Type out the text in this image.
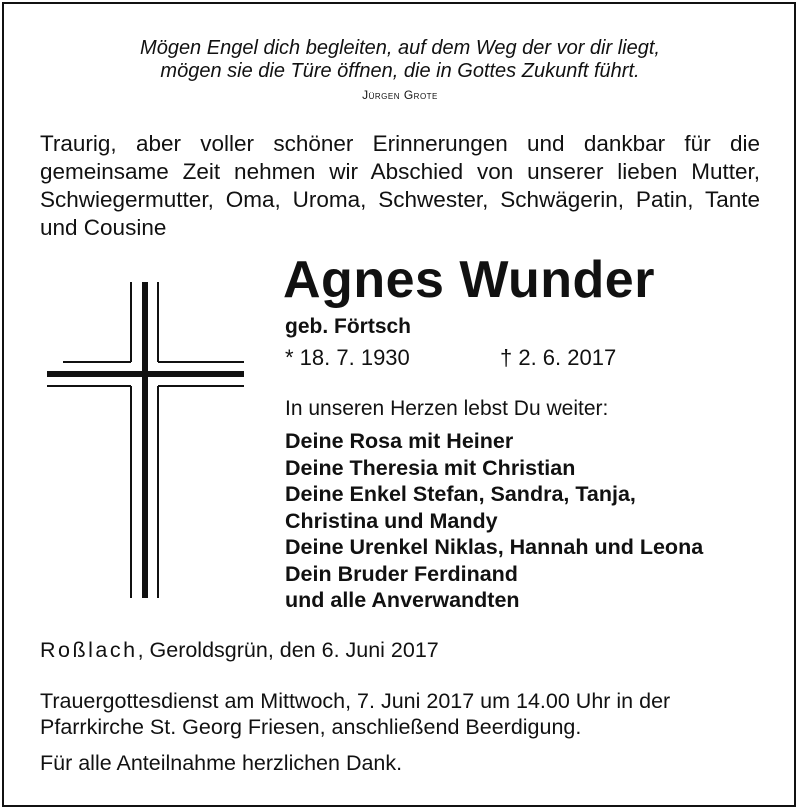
Mögen Engel dich begleiten, auf dem Weg der vor dir liegt,
mögen sie die Türe öffnen, die in Gottes Zukunft führt.
Jürgen Grote
Traurig, aber voller schöner Erinnerungen und dankbar für die gemeinsame Zeit nehmen wir Abschied von unserer lieben Mutter, Schwiegermutter, Oma, Uroma, Schwester, Schwägerin, Patin, Tante und Cousine
Agnes Wunder
geb. Förtsch
* 18. 7. 1930	† 2. 6. 2017
In unseren Herzen lebst Du weiter:
Deine Rosa mit Heiner
Deine Theresia mit Christian
Deine Enkel Stefan, Sandra, Tanja,
Christina und Mandy
Deine Urenkel Niklas, Hannah und Leona
Dein Bruder Ferdinand
und alle Anverwandten
Roßlach, Geroldsgrün, den 6. Juni 2017
Trauergottesdienst am Mittwoch, 7. Juni 2017 um 14.00 Uhr in der Pfarrkirche St. Georg Friesen, anschließend Beerdigung.
Für alle Anteilnahme herzlichen Dank.
